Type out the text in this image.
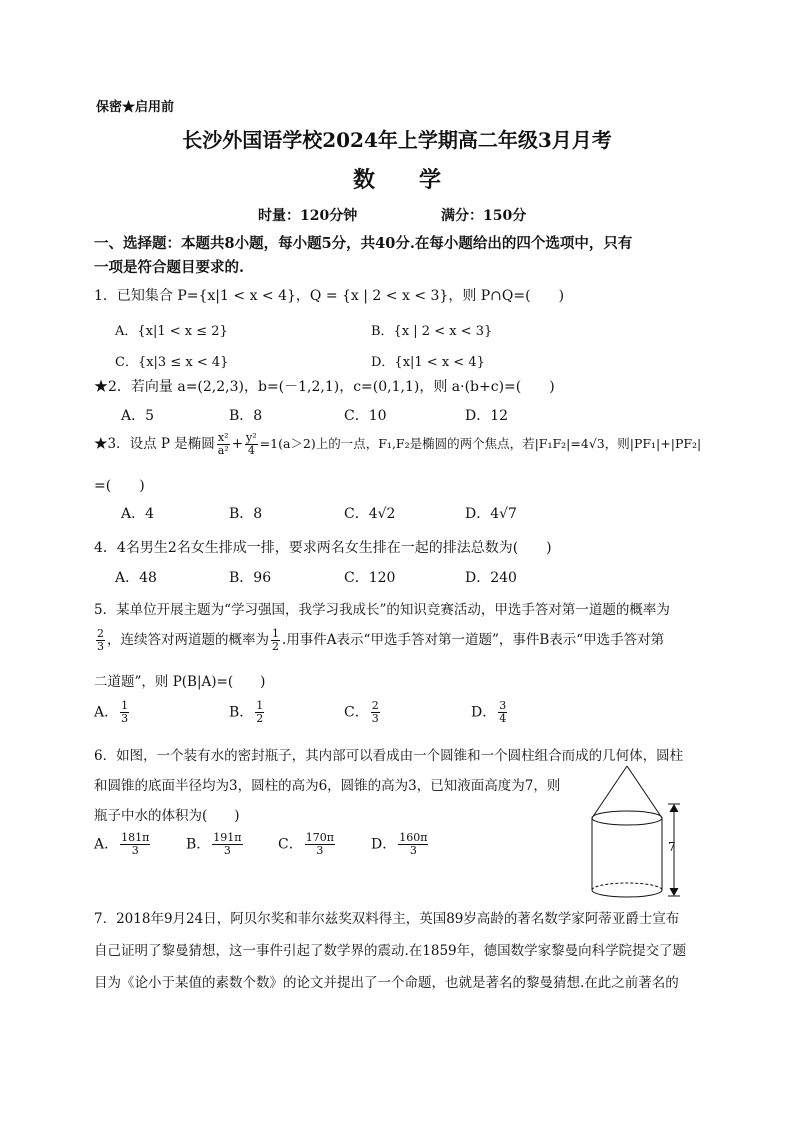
保密★启用前
长沙外国语学校2024年上学期高二年级3月月考
数　　学
时量：120分钟	满分：150分
一、选择题：本题共8小题，每小题5分，共40分.在每小题给出的四个选项中，只有
一项是符合题目要求的.
1．已知集合 P={x|1 < x < 4}，Q = {x | 2 < x < 3}，则 P∩Q=(　　)
A．{x|1 < x ≤ 2}	B．{x | 2 < x < 3}
C．{x|3 ≤ x < 4}	D．{x|1 < x < 4}
★2．若向量 a=(2,2,3)，b=(－1,2,1)，c=(0,1,1)，则 a·(b+c)=(　　)
A．5	B．8	C．10	D．12
★3．设点 P 是椭圆 $\frac{\text{x²}}{\text{a²}} + \frac{\text{y²}}{4} =1(a>2)$上的一点，F₁,F₂是椭圆的两个焦点，若|F₁F₂|=4√3，则|PF₁|+|PF₂|
=(　　)
A．4	B．8	C．4√2	D．4√7
4．4名男生2名女生排成一排，要求两名女生排在一起的排法总数为(　　)
A．48	B．96	C．120	D．240
5．某单位开展主题为“学习强国，我学习我成长”的知识竞赛活动，甲选手答对第一道题的概率为
$\frac{2}{3}$ ，连续答对两道题的概率为 $\frac{1}{2}$ .用事件A表示“甲选手答对第一道题”，事件B表示“甲选手答对第
二道题”，则 P(B|A)=(　　)
A． $\frac{1}{3}$	B． $\frac{1}{2}$	C． $\frac{2}{3}$	D． $\frac{3}{4}$
6．如图，一个装有水的密封瓶子，其内部可以看成由一个圆锥和一个圆柱组合而成的几何体，圆柱
和圆锥的底面半径均为3，圆柱的高为6，圆锥的高为3，已知液面高度为7，则
瓶子中水的体积为(　　)
A． $\frac{181\pi}{3}$	B． $\frac{191\pi}{3}$	C． $\frac{170\pi}{3}$	D． $\frac{160\pi}{3}$	7
7．2018年9月24日，阿贝尔奖和菲尔兹奖双料得主，英国89岁高龄的著名数学家阿蒂亚爵士宣布
自己证明了黎曼猜想，这一事件引起了数学界的震动.在1859年，德国数学家黎曼向科学院提交了题
目为《论小于某值的素数个数》的论文并提出了一个命题，也就是著名的黎曼猜想.在此之前著名的
